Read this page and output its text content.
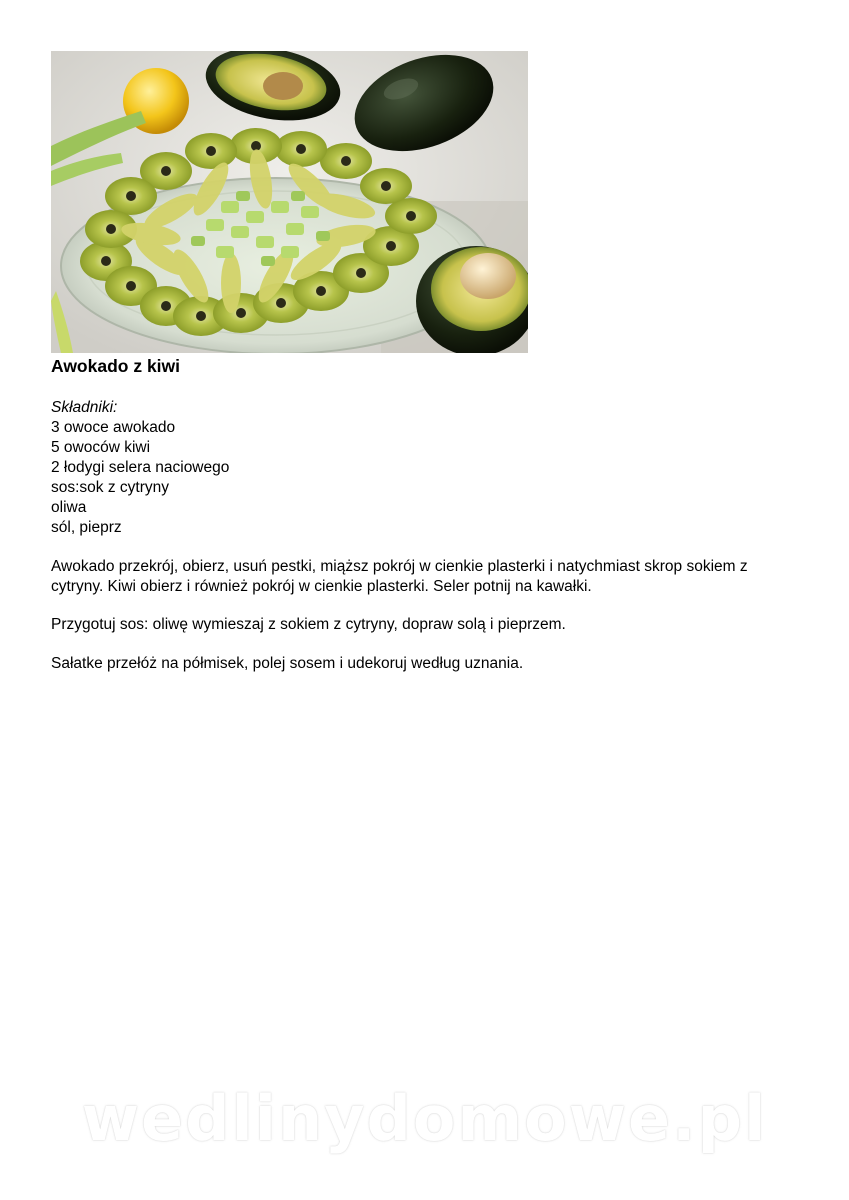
Awokado z kiwi
Składniki:
3 owoce awokado
5 owoców kiwi
2 łodygi selera naciowego
sos:sok z cytryny
oliwa
sól, pieprz

Awokado przekrój, obierz, usuń pestki, miąższ pokrój w cienkie plasterki i natychmiast skrop sokiem z cytryny. Kiwi obierz i również pokrój w cienkie plasterki. Seler potnij na kawałki.

Przygotuj sos: oliwę wymieszaj z sokiem z cytryny, dopraw solą i pieprzem.

Sałatke przełóż na półmisek, polej sosem i udekoruj według uznania.

wedlinydomowe.pl
